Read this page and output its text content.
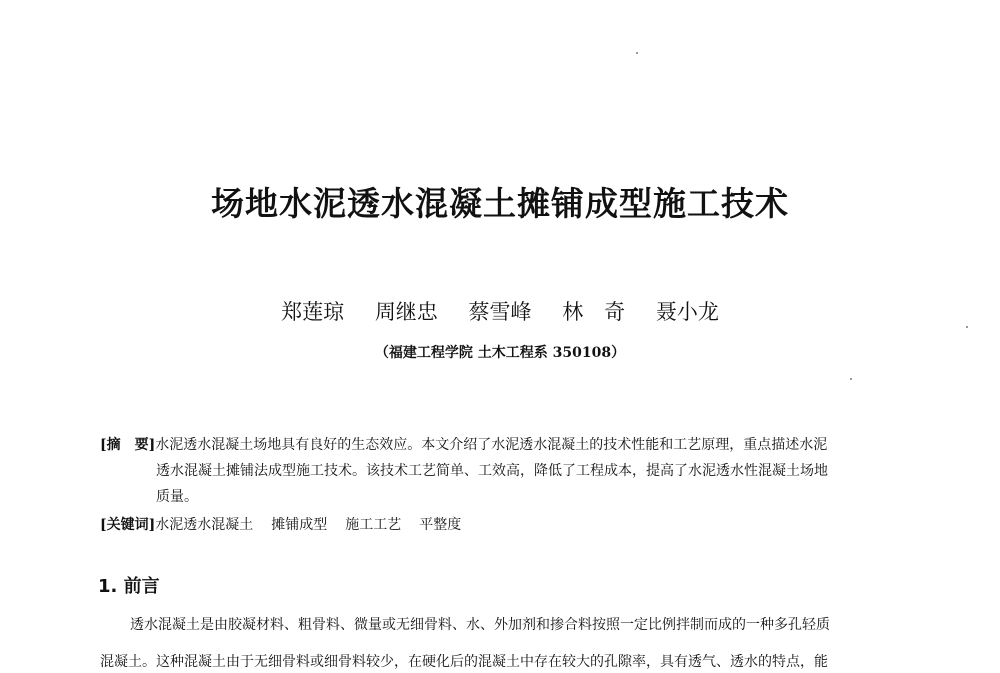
场地水泥透水混凝土摊铺成型施工技术
郑莲琼 周继忠 蔡雪峰 林　奇 聂小龙
（福建工程学院 土木工程系 350108）
[摘　要]水泥透水混凝土场地具有良好的生态效应。本文介绍了水泥透水混凝土的技术性能和工艺原理，重点描述水泥
透水混凝土摊铺法成型施工技术。该技术工艺简单、工效高，降低了工程成本，提高了水泥透水性混凝土场地
质量。
[关键词]水泥透水混凝土 摊铺成型 施工工艺 平整度
1. 前言
透水混凝土是由胶凝材料、粗骨料、微量或无细骨料、水、外加剂和掺合料按照一定比例拌制而成的一种多孔轻质
混凝土。这种混凝土由于无细骨料或细骨料较少，在硬化后的混凝土中存在较大的孔隙率，具有透气、透水的特点，能
